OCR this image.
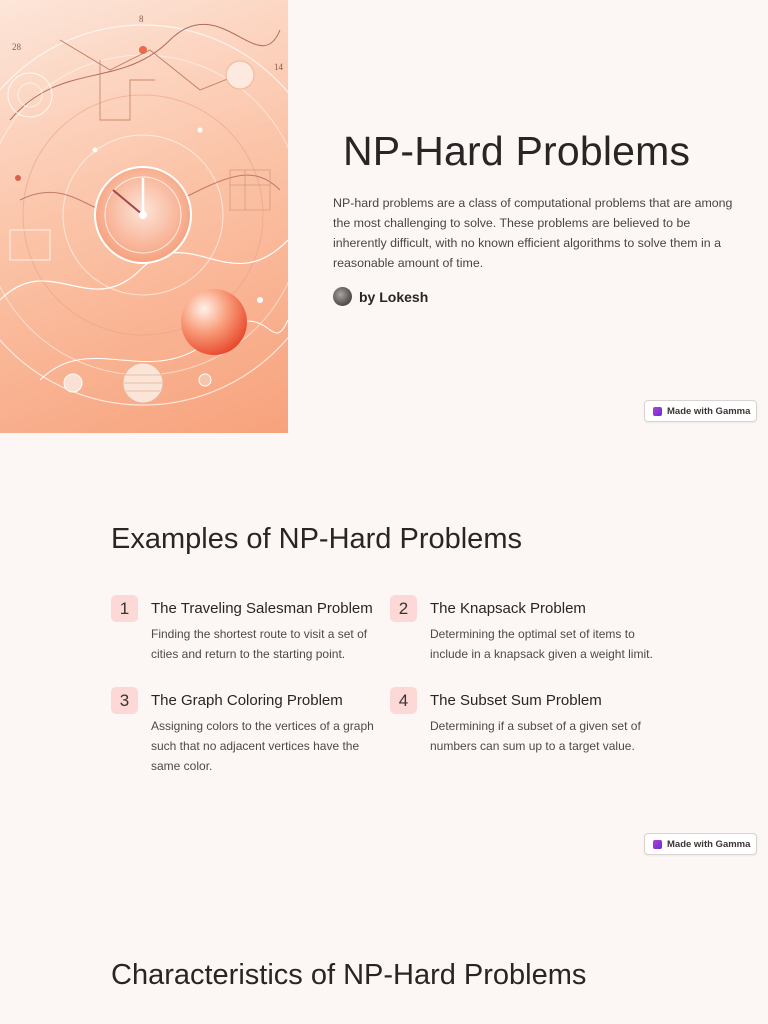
28
14
8
NP-Hard Problems

NP-hard problems are a class of computational problems that are among the most challenging to solve. These problems are believed to be inherently difficult, with no known efficient algorithms to solve them in a reasonable amount of time.

by Lokesh
Made with Gamma
Examples of NP-Hard Problems
1	The Traveling Salesman Problem

Finding the shortest route to visit a set of cities and return to the starting point.

2	The Knapsack Problem

Determining the optimal set of items to include in a knapsack given a weight limit.

3	The Graph Coloring Problem

Assigning colors to the vertices of a graph such that no adjacent vertices have the same color.

4	The Subset Sum Problem

Determining if a subset of a given set of numbers can sum up to a target value.

Made with Gamma
Characteristics of NP-Hard Problems
